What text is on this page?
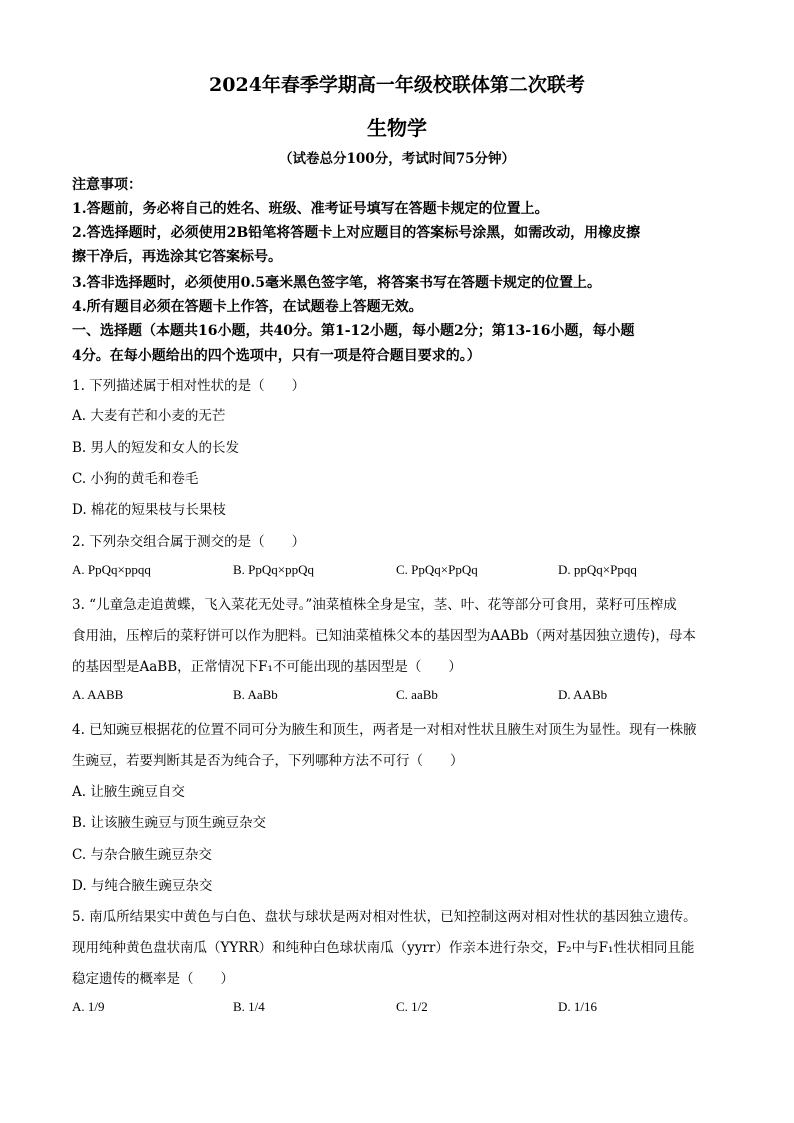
2024年春季学期高一年级校联体第二次联考
生物学
（试卷总分100分，考试时间75分钟）
注意事项：
1.答题前，务必将自己的姓名、班级、准考证号填写在答题卡规定的位置上。
2.答选择题时，必须使用2B铅笔将答题卡上对应题目的答案标号涂黑，如需改动，用橡皮擦
擦干净后，再选涂其它答案标号。
3.答非选择题时，必须使用0.5毫米黑色签字笔，将答案书写在答题卡规定的位置上。
4.所有题目必须在答题卡上作答，在试题卷上答题无效。
一、选择题（本题共16小题，共40分。第1-12小题，每小题2分；第13-16小题，每小题
4分。在每小题给出的四个选项中，只有一项是符合题目要求的。）
1. 下列描述属于相对性状的是（　　）
A. 大麦有芒和小麦的无芒
B. 男人的短发和女人的长发
C. 小狗的黄毛和卷毛
D. 棉花的短果枝与长果枝
2. 下列杂交组合属于测交的是（　　）
A. PpQq×ppqq	B. PpQq×ppQq	C. PpQq×PpQq	D. ppQq×Ppqq
3. “儿童急走追黄蝶，飞入菜花无处寻。”油菜植株全身是宝，茎、叶、花等部分可食用，菜籽可压榨成
食用油，压榨后的菜籽饼可以作为肥料。已知油菜植株父本的基因型为AABb（两对基因独立遗传)，母本
的基因型是AaBB，正常情况下F₁不可能出现的基因型是（　　）
A. AABB	B. AaBb	C. aaBb	D. AABb
4. 已知豌豆根据花的位置不同可分为腋生和顶生，两者是一对相对性状且腋生对顶生为显性。现有一株腋
生豌豆，若要判断其是否为纯合子，下列哪种方法不可行（　　）
A. 让腋生豌豆自交
B. 让该腋生豌豆与顶生豌豆杂交
C. 与杂合腋生豌豆杂交
D. 与纯合腋生豌豆杂交
5. 南瓜所结果实中黄色与白色、盘状与球状是两对相对性状，已知控制这两对相对性状的基因独立遗传。
现用纯种黄色盘状南瓜（YYRR）和纯种白色球状南瓜（yyrr）作亲本进行杂交，F₂中与F₁性状相同且能
稳定遗传的概率是（　　）
A. 1/9	B. 1/4	C. 1/2	D. 1/16
